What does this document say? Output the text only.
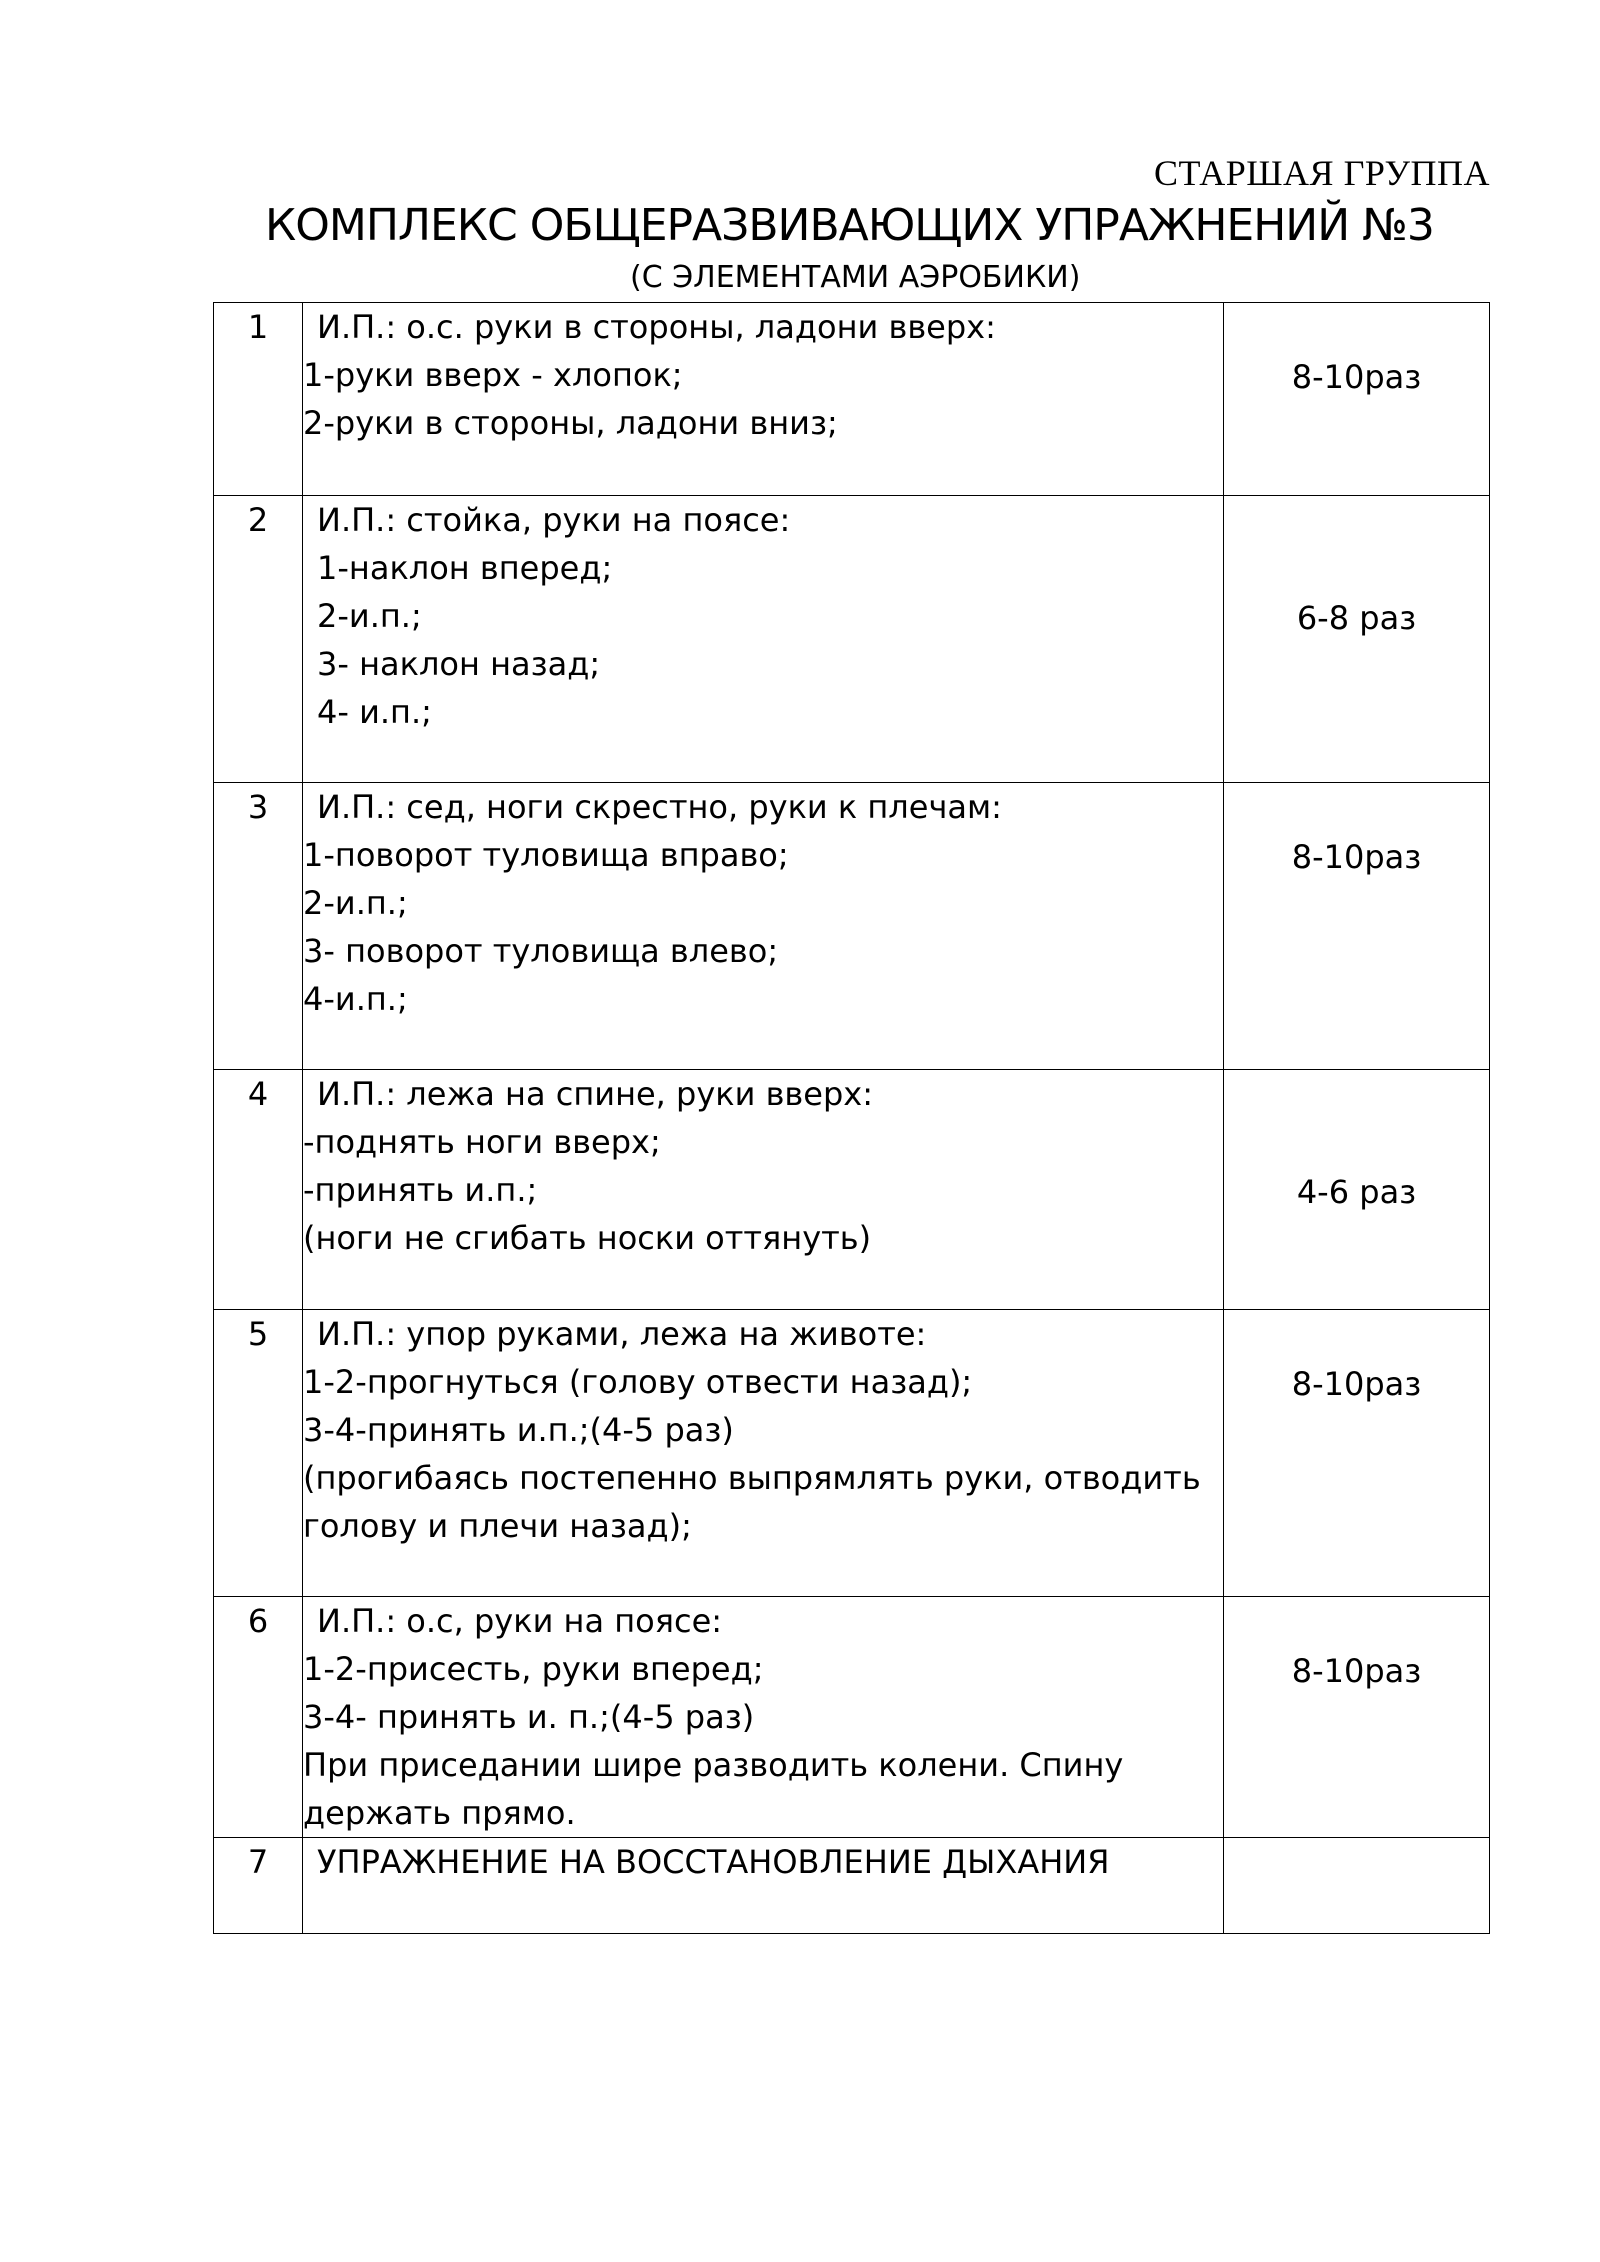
СТАРШАЯ ГРУППА
КОМПЛЕКС ОБЩЕРАЗВИВАЮЩИХ УПРАЖНЕНИЙ №3
(С ЭЛЕМЕНТАМИ АЭРОБИКИ)
1	И.П.: о.с. руки в стороны, ладони вверх:
1-руки вверх - хлопок;
2-руки в стороны, ладони вниз;	8-10раз
2	И.П.: стойка, руки на поясе:
1-наклон вперед;
2-и.п.;
3- наклон назад;
4- и.п.;	6-8 раз
3	И.П.: сед, ноги скрестно, руки к плечам:
1-поворот туловища вправо;
2-и.п.;
3- поворот туловища влево;
4-и.п.;	8-10раз
4	И.П.: лежа на спине, руки вверх:
-поднять ноги вверх;
-принять и.п.;
(ноги не сгибать носки оттянуть)	4-6 раз
5	И.П.: упор руками, лежа на животе:
1-2-прогнуться (голову отвести назад);
3-4-принять и.п.;(4-5 раз)
(прогибаясь постепенно выпрямлять руки, отводить голову и плечи назад);	8-10раз
6	И.П.: о.с, руки на поясе:
1-2-присесть, руки вперед;
3-4- принять и. п.;(4-5 раз)
При приседании шире разводить колени. Спину держать прямо.	8-10раз
7	УПРАЖНЕНИЕ НА ВОССТАНОВЛЕНИЕ ДЫХАНИЯ	
